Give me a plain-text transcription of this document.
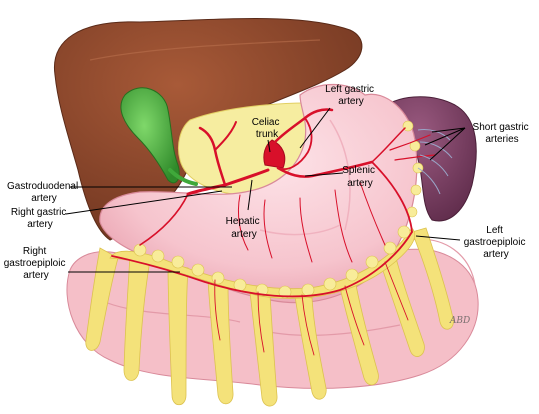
Left gastric artery
Celiac trunk
Short gastric arteries
Splenic artery
Gastroduodenal artery
Right gastric artery	Hepatic artery	Left gastroepiploic artery
Right gastroepiploic artery
ABD
